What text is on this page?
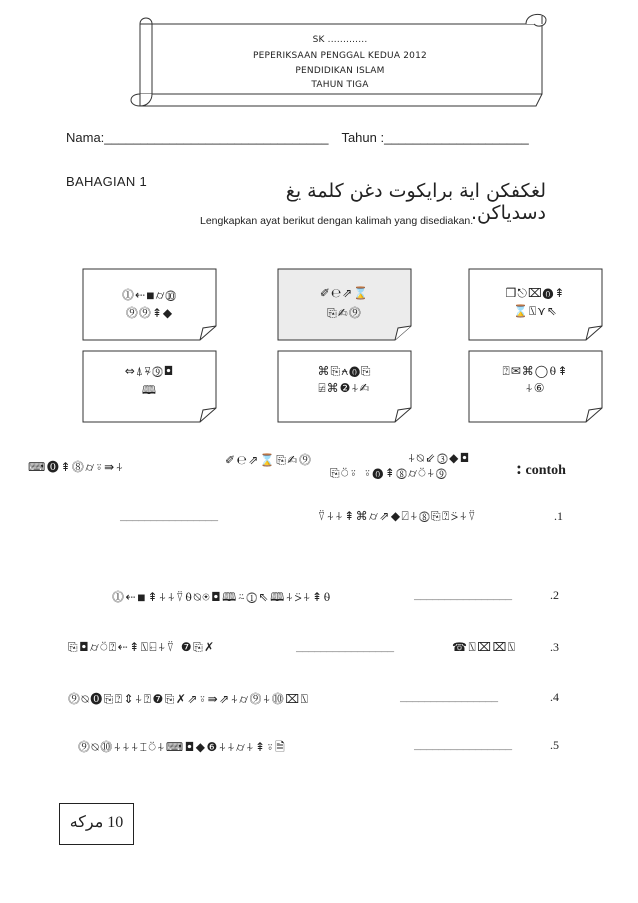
SK .............
PEPERIKSAAN PENGGAL KEDUA 2012
PENDIDIKAN ISLAM
TAHUN TIGA
Nama:_______________________________ Tahun :____________________
BAHAGIAN 1	لغكفكن اية برايكوت دغن كلمة يغ دسدياكن.
Lengkapkan ayat berikut dengan kalimah yang disediakan.
⓵⇠◾⌭⓾
⓽⓽⇞◆
✐℮⇗⌛
⎘✍⓽
❒⎋⌧⓿⇞
⌛⍂⋎⇖
⇔⍋⍫⓽◘
🕮
⌘⎘⍲⓿⎘
⍯⌘❷⍭✍
⍰✉⌘◯⍬⇞
⍭⑥
: contoh
⍭⍉⇙⓷◆◘
⎘⍥⍤ ⍤⓿⇞⓼⌭⍥⍭⓽
✐℮⇗⌛⎘✍⓽
⌨⓿⇞⓼⌭⍤⇛⍭
________________	⍢⍭⍭⇞⌘⌭⇗◆⍁⍭⓼⎘⍰⍩⍭⍢	.1
⓵⇠◾⇞⍭⍭⍢⍬⍉⍟◘🕮⍨⓵⇖🕮⍭⍩⍭⇞⍬	________________	.2
⎘◘⌭⍥⍰⇠⇞⍂⍇⍭⍢ ❼⎘✗	________________	☎⍂⌧⌧⍂	.3
⓽⍉⓿⎘⍰⇕⍭⍰❼⎘✗⇗⍤⇛⇗⍭⌭⓽⍭⓾⌧⍂	________________	.4
⓽⍉⓾⍭⍭⍭⌶⍥⍭⌨◘◆❻⍭⍭⌭⍭⇞⍤🗎	________________	.5
10 مركه
